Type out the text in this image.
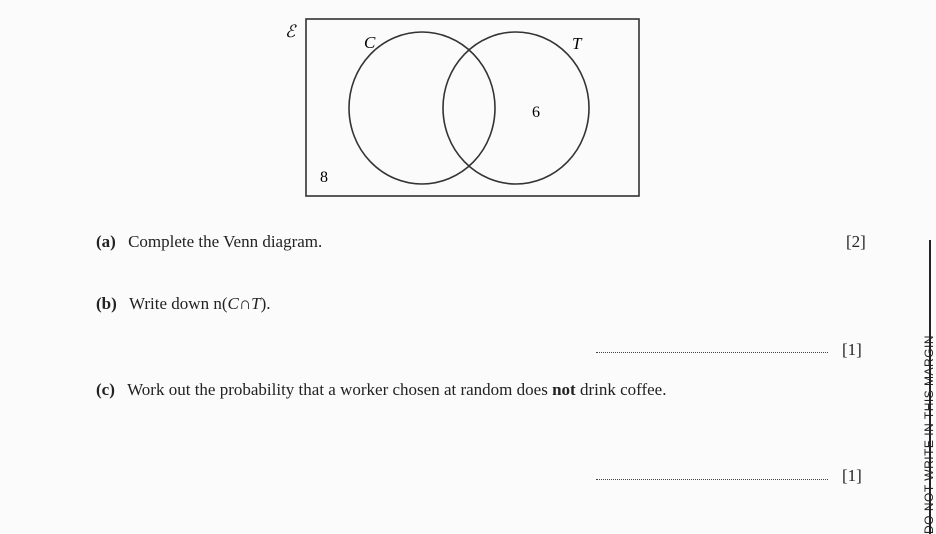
ℰ
C	T
6
8
(a) Complete the Venn diagram.	[2]
(b) Write down n(C∩T).
[1]
(c) Work out the probability that a worker chosen at random does not drink coffee.
[1]	DO NOT WRITE IN THIS MARGIN
